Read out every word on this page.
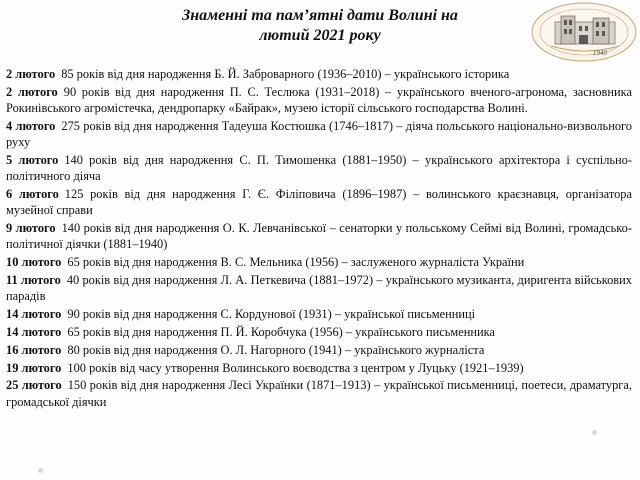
Знаменні та пам’ятні дати Волині на
лютий 2021 року
1940
2 лютого 85 років від дня народження Б. Й. Заброварного (1936–2010) – українського історика
2 лютого 90 років від дня народження П. С. Теслюка (1931–2018) – українського вченого-агронома, засновника Рокинівського агромістечка, дендропарку «Байрак», музею історії сільського господарства Волині.
4 лютого 275 років від дня народження Тадеуша Костюшка (1746–1817) – діяча польського національно-визвольного руху
5 лютого 140 років від дня народження С. П. Тимошенка (1881–1950) – українського архітектора і суспільно-політичного діяча
6 лютого 125 років від дня народження Г. Є. Філіповича (1896–1987) – волинського краєзнавця, організатора музейної справи
9 лютого 140 років від дня народження О. К. Левчанівської – сенаторки у польському Сеймі від Волині, громадсько-політичної діячки (1881–1940)
10 лютого 65 років від дня народження В. С. Мельника (1956) – заслуженого журналіста України
11 лютого 40 років від дня народження Л. А. Петкевича (1881–1972) – українського музиканта, диригента військових парадів
14 лютого 90 років від дня народження С. Кордунової (1931) – української письменниці
14 лютого 65 років від дня народження П. Й. Коробчука (1956) – українського письменника
16 лютого 80 років від дня народження О. Л. Нагорного (1941) – українського журналіста
19 лютого 100 років від часу утворення Волинського воєводства з центром у Луцьку (1921–1939)
25 лютого 150 років від дня народження Лесі Українки (1871–1913) – української письменниці, поетеси, драматурга, громадської діячки
